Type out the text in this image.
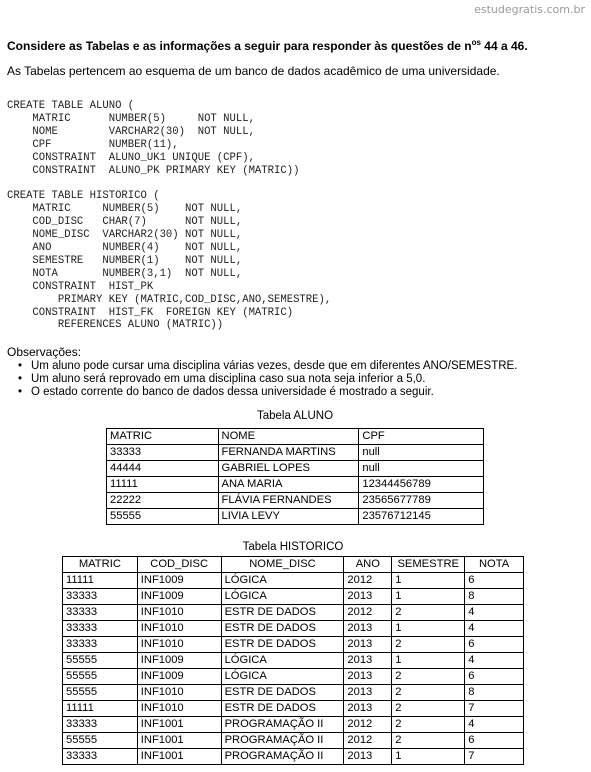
estudegratis.com.br
Considere as Tabelas e as informações a seguir para responder às questões de $n^{os}$ 44 a 46.
As Tabelas pertencem ao esquema de um banco de dados acadêmico de uma universidade.
CREATE TABLE ALUNO (
MATRIC      NUMBER(5)     NOT NULL,
NOME        VARCHAR2(30)  NOT NULL,
CPF         NUMBER(11),
CONSTRAINT  ALUNO_UK1 UNIQUE (CPF),
CONSTRAINT  ALUNO_PK PRIMARY KEY (MATRIC))

CREATE TABLE HISTORICO (
MATRIC     NUMBER(5)    NOT NULL,
COD_DISC   CHAR(7)      NOT NULL,
NOME_DISC  VARCHAR2(30) NOT NULL,
ANO        NUMBER(4)    NOT NULL,
SEMESTRE   NUMBER(1)    NOT NULL,
NOTA       NUMBER(3,1)  NOT NULL,
CONSTRAINT  HIST_PK
PRIMARY KEY (MATRIC,COD_DISC,ANO,SEMESTRE),
CONSTRAINT  HIST_FK  FOREIGN KEY (MATRIC)
REFERENCES ALUNO (MATRIC))
Observações:
• Um aluno pode cursar uma disciplina várias vezes, desde que em diferentes ANO/SEMESTRE.
• Um aluno será reprovado em uma disciplina caso sua nota seja inferior a 5,0.
• O estado corrente do banco de dados dessa universidade é mostrado a seguir.
Tabela ALUNO
MATRIC	NOME	CPF
33333	FERNANDA MARTINS	null
44444	GABRIEL LOPES	null
11111	ANA MARIA	12344456789
22222	FLÁVIA FERNANDES	23565677789
55555	LIVIA LEVY	23576712145
Tabela HISTORICO
MATRIC	COD_DISC	NOME_DISC	ANO	SEMESTRE	NOTA
11111	INF1009	LÓGICA	2012	1	6
33333	INF1009	LÓGICA	2013	1	8
33333	INF1010	ESTR DE DADOS	2012	2	4
33333	INF1010	ESTR DE DADOS	2013	1	4
33333	INF1010	ESTR DE DADOS	2013	2	6
55555	INF1009	LÓGICA	2013	1	4
55555	INF1009	LÓGICA	2013	2	6
55555	INF1010	ESTR DE DADOS	2013	2	8
11111	INF1010	ESTR DE DADOS	2013	2	7
33333	INF1001	PROGRAMAÇÃO II	2012	2	4
55555	INF1001	PROGRAMAÇÃO II	2012	2	6
33333	INF1001	PROGRAMAÇÃO II	2013	1	7
